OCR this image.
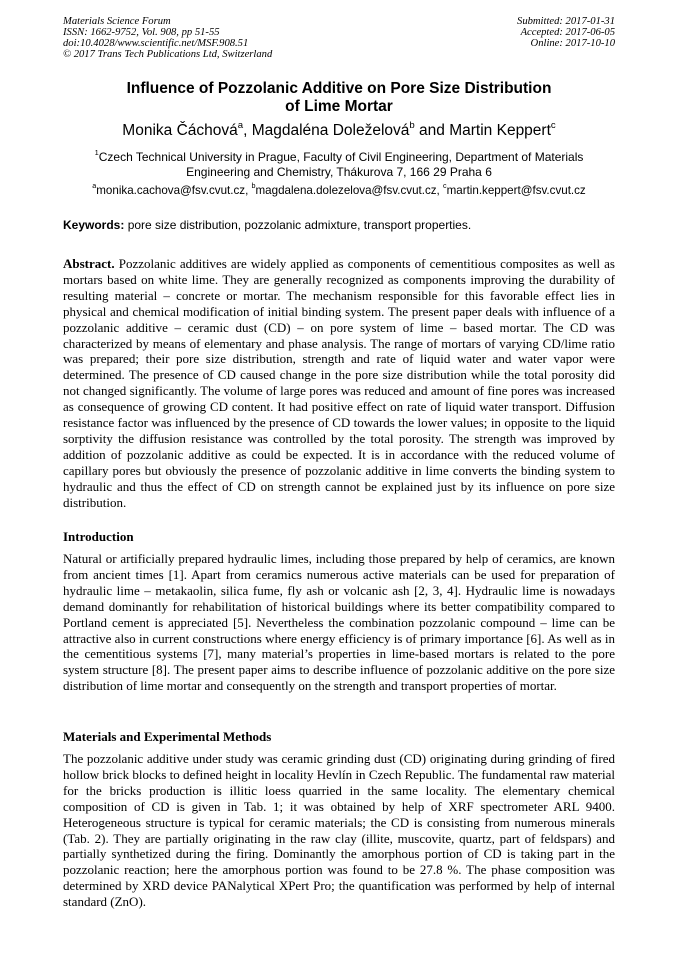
Materials Science Forum
ISSN: 1662-9752, Vol. 908, pp 51-55
doi:10.4028/www.scientific.net/MSF.908.51
© 2017 Trans Tech Publications Ltd, Switzerland
Submitted: 2017-01-31
Accepted: 2017-06-05
Online: 2017-10-10
Influence of Pozzolanic Additive on Pore Size Distribution
of Lime Mortar
Monika Čáchová$^a$, Magdaléna Doleželová$^b$ and Martin Keppert$^c$
$^1$Czech Technical University in Prague, Faculty of Civil Engineering, Department of Materials
Engineering and Chemistry, Thákurova 7, 166 29 Praha 6
$^a$monika.cachova@fsv.cvut.cz, $^b$magdalena.dolezelova@fsv.cvut.cz, $^c$martin.keppert@fsv.cvut.cz
Keywords: pore size distribution, pozzolanic admixture, transport properties.
Abstract. Pozzolanic additives are widely applied as components of cementitious composites as well as mortars based on white lime. They are generally recognized as components improving the durability of resulting material – concrete or mortar. The mechanism responsible for this favorable effect lies in physical and chemical modification of initial binding system. The present paper deals with influence of a pozzolanic additive – ceramic dust (CD) – on pore system of lime – based mortar. The CD was characterized by means of elementary and phase analysis. The range of mortars of varying CD/lime ratio was prepared; their pore size distribution, strength and rate of liquid water and water vapor were determined. The presence of CD caused change in the pore size distribution while the total porosity did not changed significantly. The volume of large pores was reduced and amount of fine pores was increased as consequence of growing CD content. It had positive effect on rate of liquid water transport. Diffusion resistance factor was influenced by the presence of CD towards the lower values; in opposite to the liquid sorptivity the diffusion resistance was controlled by the total porosity. The strength was improved by addition of pozzolanic additive as could be expected. It is in accordance with the reduced volume of capillary pores but obviously the presence of pozzolanic additive in lime converts the binding system to hydraulic and thus the effect of CD on strength cannot be explained just by its influence on pore size distribution.
Introduction
Natural or artificially prepared hydraulic limes, including those prepared by help of ceramics, are known from ancient times [1]. Apart from ceramics numerous active materials can be used for preparation of hydraulic lime – metakaolin, silica fume, fly ash or volcanic ash [2, 3, 4]. Hydraulic lime is nowadays demand dominantly for rehabilitation of historical buildings where its better compatibility compared to Portland cement is appreciated [5]. Nevertheless the combination pozzolanic compound – lime can be attractive also in current constructions where energy efficiency is of primary importance [6]. As well as in the cementitious systems [7], many material’s properties in lime-based mortars is related to the pore system structure [8]. The present paper aims to describe influence of pozzolanic additive on the pore size distribution of lime mortar and consequently on the strength and transport properties of mortar.
Materials and Experimental Methods
The pozzolanic additive under study was ceramic grinding dust (CD) originating during grinding of fired hollow brick blocks to defined height in locality Hevlín in Czech Republic. The fundamental raw material for the bricks production is illitic loess quarried in the same locality. The elementary chemical composition of CD is given in Tab. 1; it was obtained by help of XRF spectrometer ARL 9400. Heterogeneous structure is typical for ceramic materials; the CD is consisting from numerous minerals (Tab. 2). They are partially originating in the raw clay (illite, muscovite, quartz, part of feldspars) and partially synthetized during the firing. Dominantly the amorphous portion of CD is taking part in the pozzolanic reaction; here the amorphous portion was found to be 27.8 %. The phase composition was determined by XRD device PANalytical XPert Pro; the quantification was performed by help of internal standard (ZnO).
